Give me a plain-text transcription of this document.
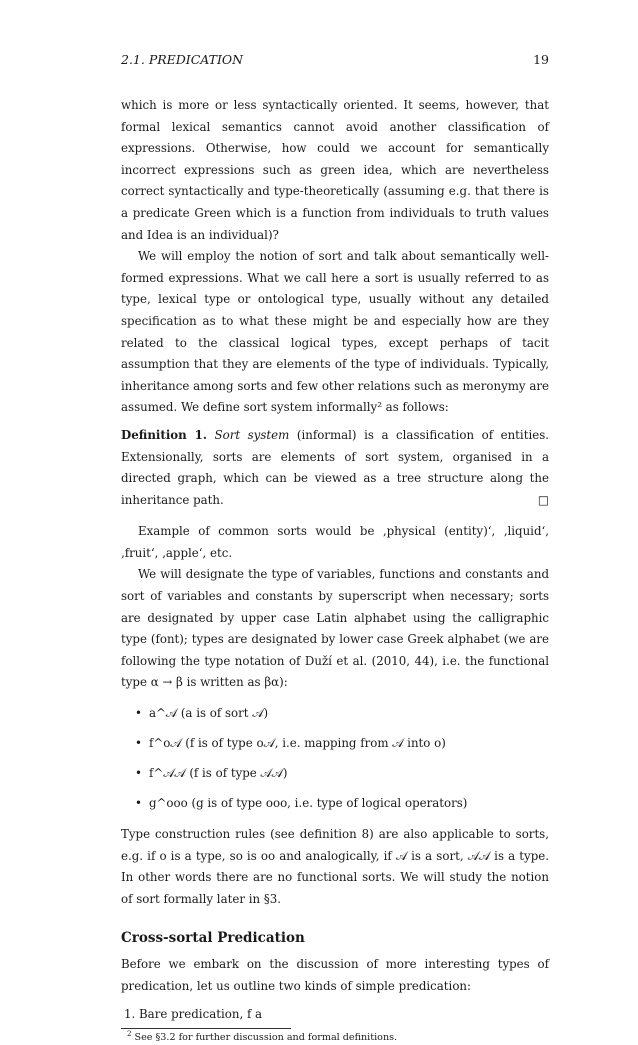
2.1. PREDICATION	19

which is more or less syntactically oriented. It seems, however, that formal lexical semantics cannot avoid another classification of expressions. Otherwise, how could we account for semantically incorrect expressions such as green idea, which are nevertheless correct syntactically and type-theoretically (assuming e.g. that there is a predicate Green which is a function from individuals to truth values and Idea is an individual)?

We will employ the notion of sort and talk about semantically well-formed expressions. What we call here a sort is usually referred to as type, lexical type or ontological type, usually without any detailed specification as to what these might be and especially how are they related to the classical logical types, except perhaps of tacit assumption that they are elements of the type of individuals. Typically, inheritance among sorts and few other relations such as meronymy are assumed. We define sort system informally² as follows:

Definition 1. Sort system (informal) is a classification of entities. Extensionally, sorts are elements of sort system, organised in a directed graph, which can be viewed as a tree structure along the inheritance path.	□

Example of common sorts would be ‚physical (entity)‘, ‚liquid‘, ‚fruit‘, ‚apple‘, etc.

We will designate the type of variables, functions and constants and sort of variables and constants by superscript when necessary; sorts are designated by upper case Latin alphabet using the calligraphic type (font); types are designated by lower case Greek alphabet (we are following the type notation of Duží et al. (2010, 44), i.e. the functional type α → β is written as βα):

• a^𝒜 (a is of sort 𝒜)
• f^o𝒜 (f is of type o𝒜, i.e. mapping from 𝒜 into o)
• f^𝒜𝒜 (f is of type 𝒜𝒜)
• g^ooo (g is of type ooo, i.e. type of logical operators)

Type construction rules (see definition 8) are also applicable to sorts, e.g. if o is a type, so is oo and analogically, if 𝒜 is a sort, 𝒜𝒜 is a type. In other words there are no functional sorts. We will study the notion of sort formally later in §3.

Cross-sortal Predication

Before we embark on the discussion of more interesting types of predication, let us outline two kinds of simple predication:

1. Bare predication, f a
$^2$ See §3.2 for further discussion and formal definitions.
